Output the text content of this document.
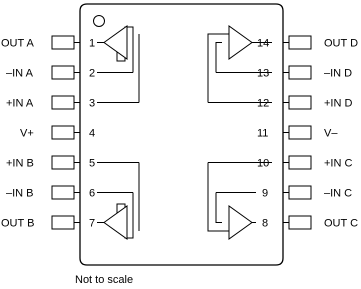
OUT A	1
–IN A	2
+IN A	3
V+	4
+IN B	5
–IN B	6
OUT B	7
14	OUT D
13	–IN D
12	+IN D
11	V–
10	+IN C
9	–IN C
8	OUT C
Not to scale
